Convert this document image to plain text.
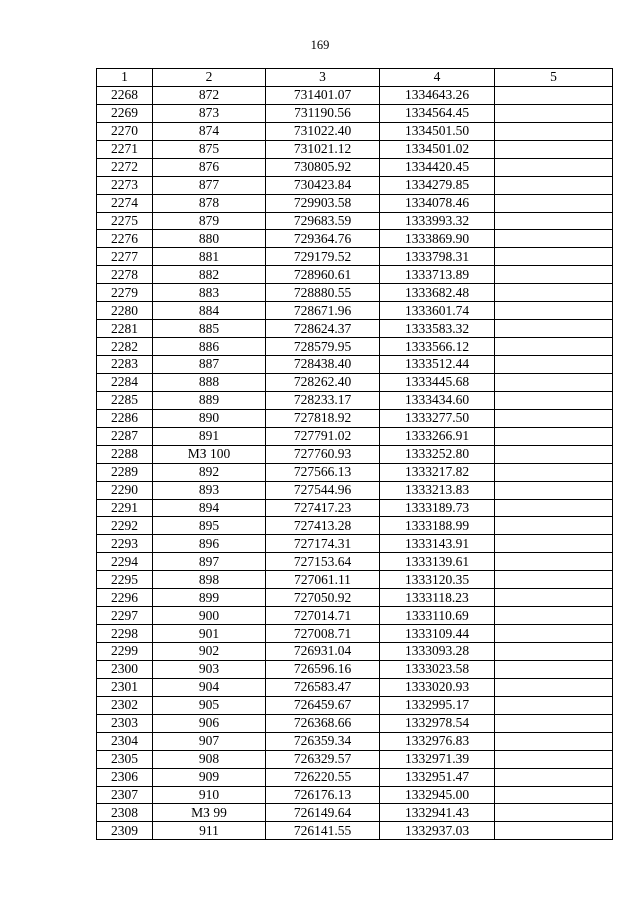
169
1	2	3	4	5
2268	872	731401.07	1334643.26	
2269	873	731190.56	1334564.45	
2270	874	731022.40	1334501.50	
2271	875	731021.12	1334501.02	
2272	876	730805.92	1334420.45	
2273	877	730423.84	1334279.85	
2274	878	729903.58	1334078.46	
2275	879	729683.59	1333993.32	
2276	880	729364.76	1333869.90	
2277	881	729179.52	1333798.31	
2278	882	728960.61	1333713.89	
2279	883	728880.55	1333682.48	
2280	884	728671.96	1333601.74	
2281	885	728624.37	1333583.32	
2282	886	728579.95	1333566.12	
2283	887	728438.40	1333512.44	
2284	888	728262.40	1333445.68	
2285	889	728233.17	1333434.60	
2286	890	727818.92	1333277.50	
2287	891	727791.02	1333266.91	
2288	МЗ 100	727760.93	1333252.80	
2289	892	727566.13	1333217.82	
2290	893	727544.96	1333213.83	
2291	894	727417.23	1333189.73	
2292	895	727413.28	1333188.99	
2293	896	727174.31	1333143.91	
2294	897	727153.64	1333139.61	
2295	898	727061.11	1333120.35	
2296	899	727050.92	1333118.23	
2297	900	727014.71	1333110.69	
2298	901	727008.71	1333109.44	
2299	902	726931.04	1333093.28	
2300	903	726596.16	1333023.58	
2301	904	726583.47	1333020.93	
2302	905	726459.67	1332995.17	
2303	906	726368.66	1332978.54	
2304	907	726359.34	1332976.83	
2305	908	726329.57	1332971.39	
2306	909	726220.55	1332951.47	
2307	910	726176.13	1332945.00	
2308	МЗ 99	726149.64	1332941.43	
2309	911	726141.55	1332937.03	
